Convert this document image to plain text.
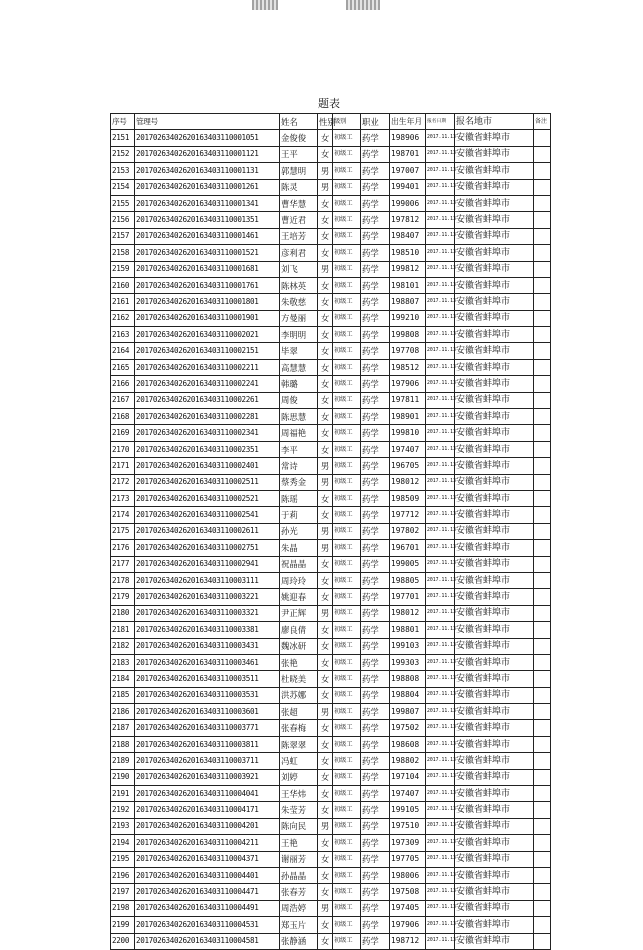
题表
序号	管理号	姓名	性别	级别	职业	出生年月	报名日期	报名地市	备注
2151	20170263402620163403110001051	金俊俊	女	初级工	药学	198906	2017.11.13	安徽省蚌埠市	
2152	20170263402620163403110001121	王平	女	初级工	药学	198701	2017.11.13	安徽省蚌埠市	
2153	20170263402620163403110001131	郭慧明	男	初级工	药学	197007	2017.11.13	安徽省蚌埠市	
2154	20170263402620163403110001261	陈灵	男	初级工	药学	199401	2017.11.13	安徽省蚌埠市	
2155	20170263402620163403110001341	曹华慧	女	初级工	药学	199006	2017.11.13	安徽省蚌埠市	
2156	20170263402620163403110001351	曹近君	女	初级工	药学	197812	2017.11.13	安徽省蚌埠市	
2157	20170263402620163403110001461	王培芳	女	初级工	药学	198407	2017.11.13	安徽省蚌埠市	
2158	20170263402620163403110001521	彦利君	女	初级工	药学	198510	2017.11.13	安徽省蚌埠市	
2159	20170263402620163403110001681	刘飞	男	初级工	药学	199812	2017.11.13	安徽省蚌埠市	
2160	20170263402620163403110001761	陈林英	女	初级工	药学	198101	2017.11.13	安徽省蚌埠市	
2161	20170263402620163403110001801	朱敬慈	女	初级工	药学	198807	2017.11.13	安徽省蚌埠市	
2162	20170263402620163403110001901	方曼丽	女	初级工	药学	199210	2017.11.13	安徽省蚌埠市	
2163	20170263402620163403110002021	李明明	女	初级工	药学	199808	2017.11.13	安徽省蚌埠市	
2164	20170263402620163403110002151	毕翠	女	初级工	药学	197708	2017.11.13	安徽省蚌埠市	
2165	20170263402620163403110002211	高慧慧	女	初级工	药学	198512	2017.11.13	安徽省蚌埠市	
2166	20170263402620163403110002241	韩璐	女	初级工	药学	197906	2017.11.13	安徽省蚌埠市	
2167	20170263402620163403110002261	周俊	女	初级工	药学	197811	2017.11.13	安徽省蚌埠市	
2168	20170263402620163403110002281	陈思慧	女	初级工	药学	198901	2017.11.13	安徽省蚌埠市	
2169	20170263402620163403110002341	周福艳	女	初级工	药学	199810	2017.11.13	安徽省蚌埠市	
2170	20170263402620163403110002351	李平	女	初级工	药学	197407	2017.11.13	安徽省蚌埠市	
2171	20170263402620163403110002401	常诗	男	初级工	药学	196705	2017.11.13	安徽省蚌埠市	
2172	20170263402620163403110002511	蔡秀金	男	初级工	药学	198012	2017.11.13	安徽省蚌埠市	
2173	20170263402620163403110002521	陈瑶	女	初级工	药学	198509	2017.11.13	安徽省蚌埠市	
2174	20170263402620163403110002541	于莉	女	初级工	药学	197712	2017.11.13	安徽省蚌埠市	
2175	20170263402620163403110002611	孙光	男	初级工	药学	197802	2017.11.13	安徽省蚌埠市	
2176	20170263402620163403110002751	朱晶	男	初级工	药学	196701	2017.11.13	安徽省蚌埠市	
2177	20170263402620163403110002941	祝晶晶	女	初级工	药学	199005	2017.11.13	安徽省蚌埠市	
2178	20170263402620163403110003111	周玲玲	女	初级工	药学	198805	2017.11.13	安徽省蚌埠市	
2179	20170263402620163403110003221	姚迎春	女	初级工	药学	197701	2017.11.13	安徽省蚌埠市	
2180	20170263402620163403110003321	尹正辉	男	初级工	药学	198012	2017.11.13	安徽省蚌埠市	
2181	20170263402620163403110003381	廖良倩	女	初级工	药学	198801	2017.11.13	安徽省蚌埠市	
2182	20170263402620163403110003431	魏冰研	女	初级工	药学	199103	2017.11.13	安徽省蚌埠市	
2183	20170263402620163403110003461	张艳	女	初级工	药学	199303	2017.11.13	安徽省蚌埠市	
2184	20170263402620163403110003511	杜晓美	女	初级工	药学	198808	2017.11.13	安徽省蚌埠市	
2185	20170263402620163403110003531	洪苏娜	女	初级工	药学	198804	2017.11.13	安徽省蚌埠市	
2186	20170263402620163403110003601	张超	男	初级工	药学	199807	2017.11.13	安徽省蚌埠市	
2187	20170263402620163403110003771	张春梅	女	初级工	药学	197502	2017.11.13	安徽省蚌埠市	
2188	20170263402620163403110003811	陈翠翠	女	初级工	药学	198608	2017.11.13	安徽省蚌埠市	
2189	20170263402620163403110003711	冯虹	女	初级工	药学	198802	2017.11.13	安徽省蚌埠市	
2190	20170263402620163403110003921	刘婷	女	初级工	药学	197104	2017.11.13	安徽省蚌埠市	
2191	20170263402620163403110004041	王华炜	女	初级工	药学	197407	2017.11.13	安徽省蚌埠市	
2192	20170263402620163403110004171	朱莹芳	女	初级工	药学	199105	2017.11.13	安徽省蚌埠市	
2193	20170263402620163403110004201	陈向民	男	初级工	药学	197510	2017.11.13	安徽省蚌埠市	
2194	20170263402620163403110004211	王艳	女	初级工	药学	197309	2017.11.13	安徽省蚌埠市	
2195	20170263402620163403110004371	谢丽芳	女	初级工	药学	197705	2017.11.13	安徽省蚌埠市	
2196	20170263402620163403110004401	孙晶晶	女	初级工	药学	198006	2017.11.13	安徽省蚌埠市	
2197	20170263402620163403110004471	张春芳	女	初级工	药学	197508	2017.11.13	安徽省蚌埠市	
2198	20170263402620163403110004491	周浩婷	男	初级工	药学	197405	2017.11.13	安徽省蚌埠市	
2199	20170263402620163403110004531	郑玉片	女	初级工	药学	197906	2017.11.13	安徽省蚌埠市	
2200	20170263402620163403110004581	张静涵	女	初级工	药学	198712	2017.11.13	安徽省蚌埠市	
